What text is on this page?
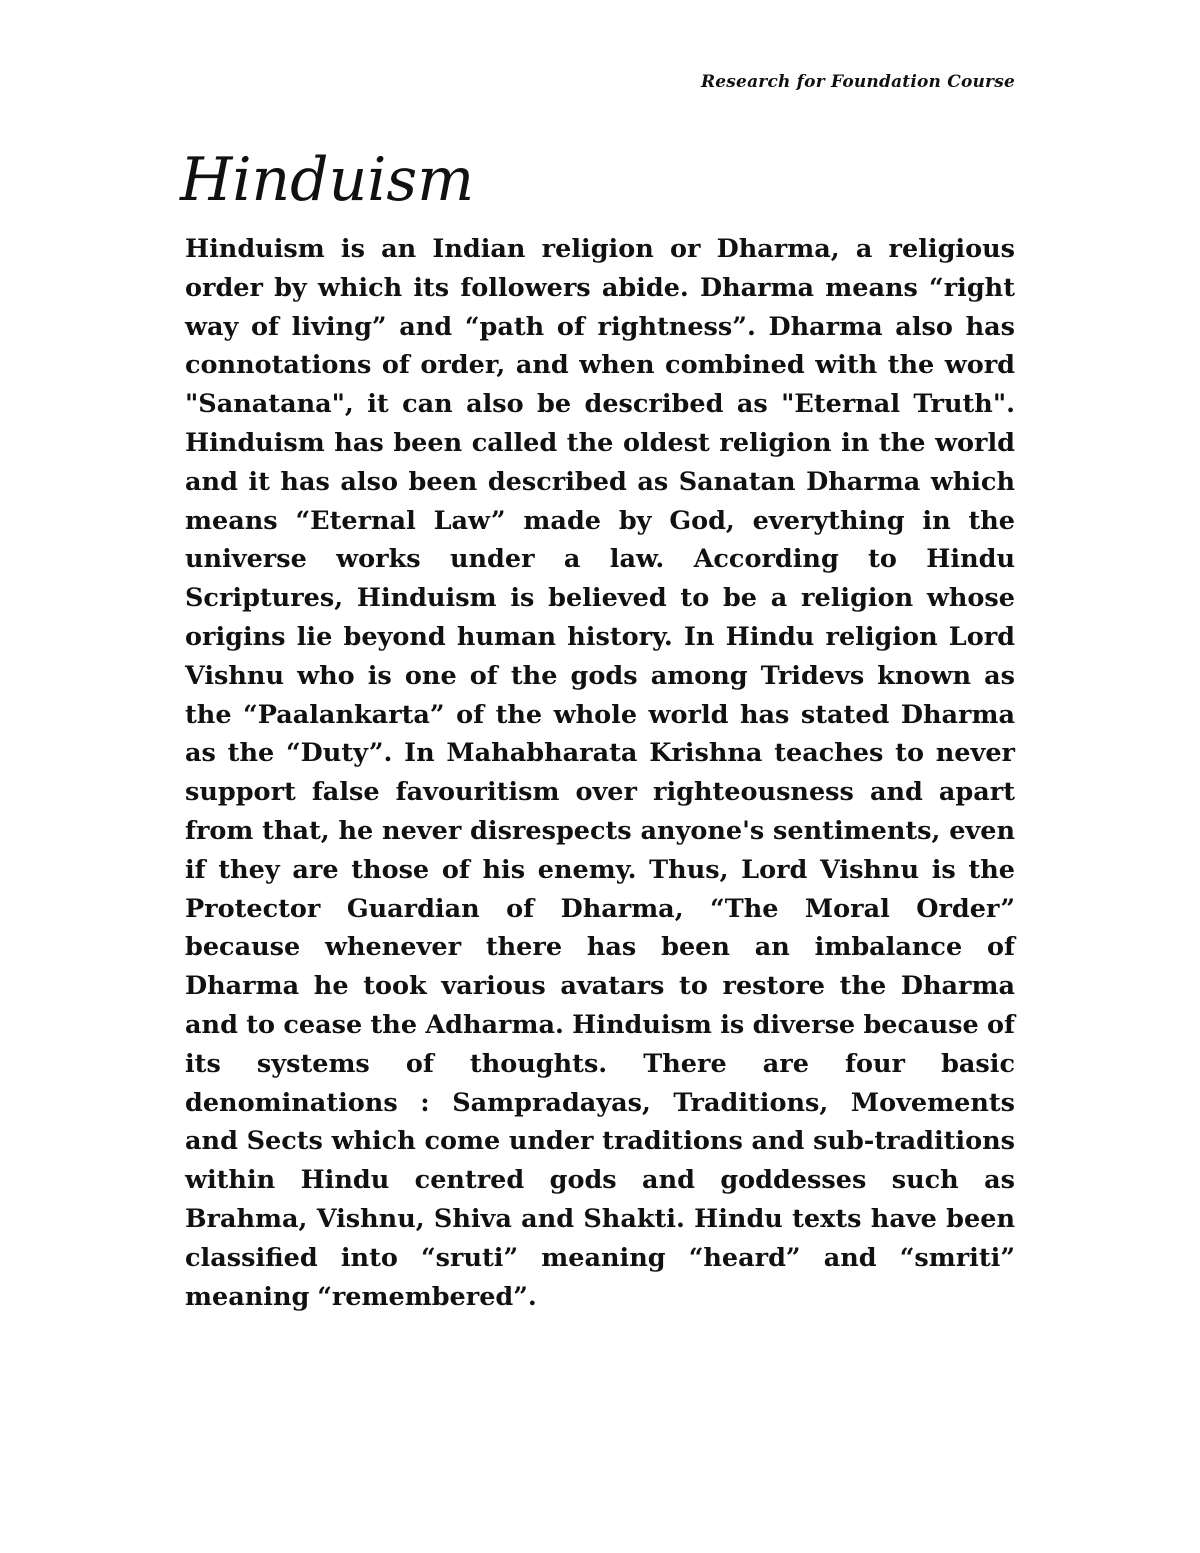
Research for Foundation Course
Hinduism

Hinduism is an Indian religion or Dharma, a religious order by which its followers abide. Dharma means “right way of living” and “path of rightness”. Dharma also has connotations of order, and when combined with the word "Sanatana", it can also be described as "Eternal Truth". Hinduism has been called the oldest religion in the world and it has also been described as Sanatan Dharma which means “Eternal Law” made by God, everything in the universe works under a law. According to Hindu Scriptures, Hinduism is believed to be a religion whose origins lie beyond human history. In Hindu religion Lord Vishnu who is one of the gods among Tridevs known as the “Paalankarta” of the whole world has stated Dharma as the “Duty”. In Mahabharata Krishna teaches to never support false favouritism over righteousness and apart from that, he never disrespects anyone's sentiments, even if they are those of his enemy. Thus, Lord Vishnu is the Protector Guardian of Dharma, “The Moral Order” because whenever there has been an imbalance of Dharma he took various avatars to restore the Dharma and to cease the Adharma. Hinduism is diverse because of its systems of thoughts. There are four basic denominations : Sampradayas, Traditions, Movements and Sects which come under traditions and sub-traditions within Hindu centred gods and goddesses such as Brahma, Vishnu, Shiva and Shakti. Hindu texts have been classified into “sruti” meaning “heard” and “smriti” meaning “remembered”.
